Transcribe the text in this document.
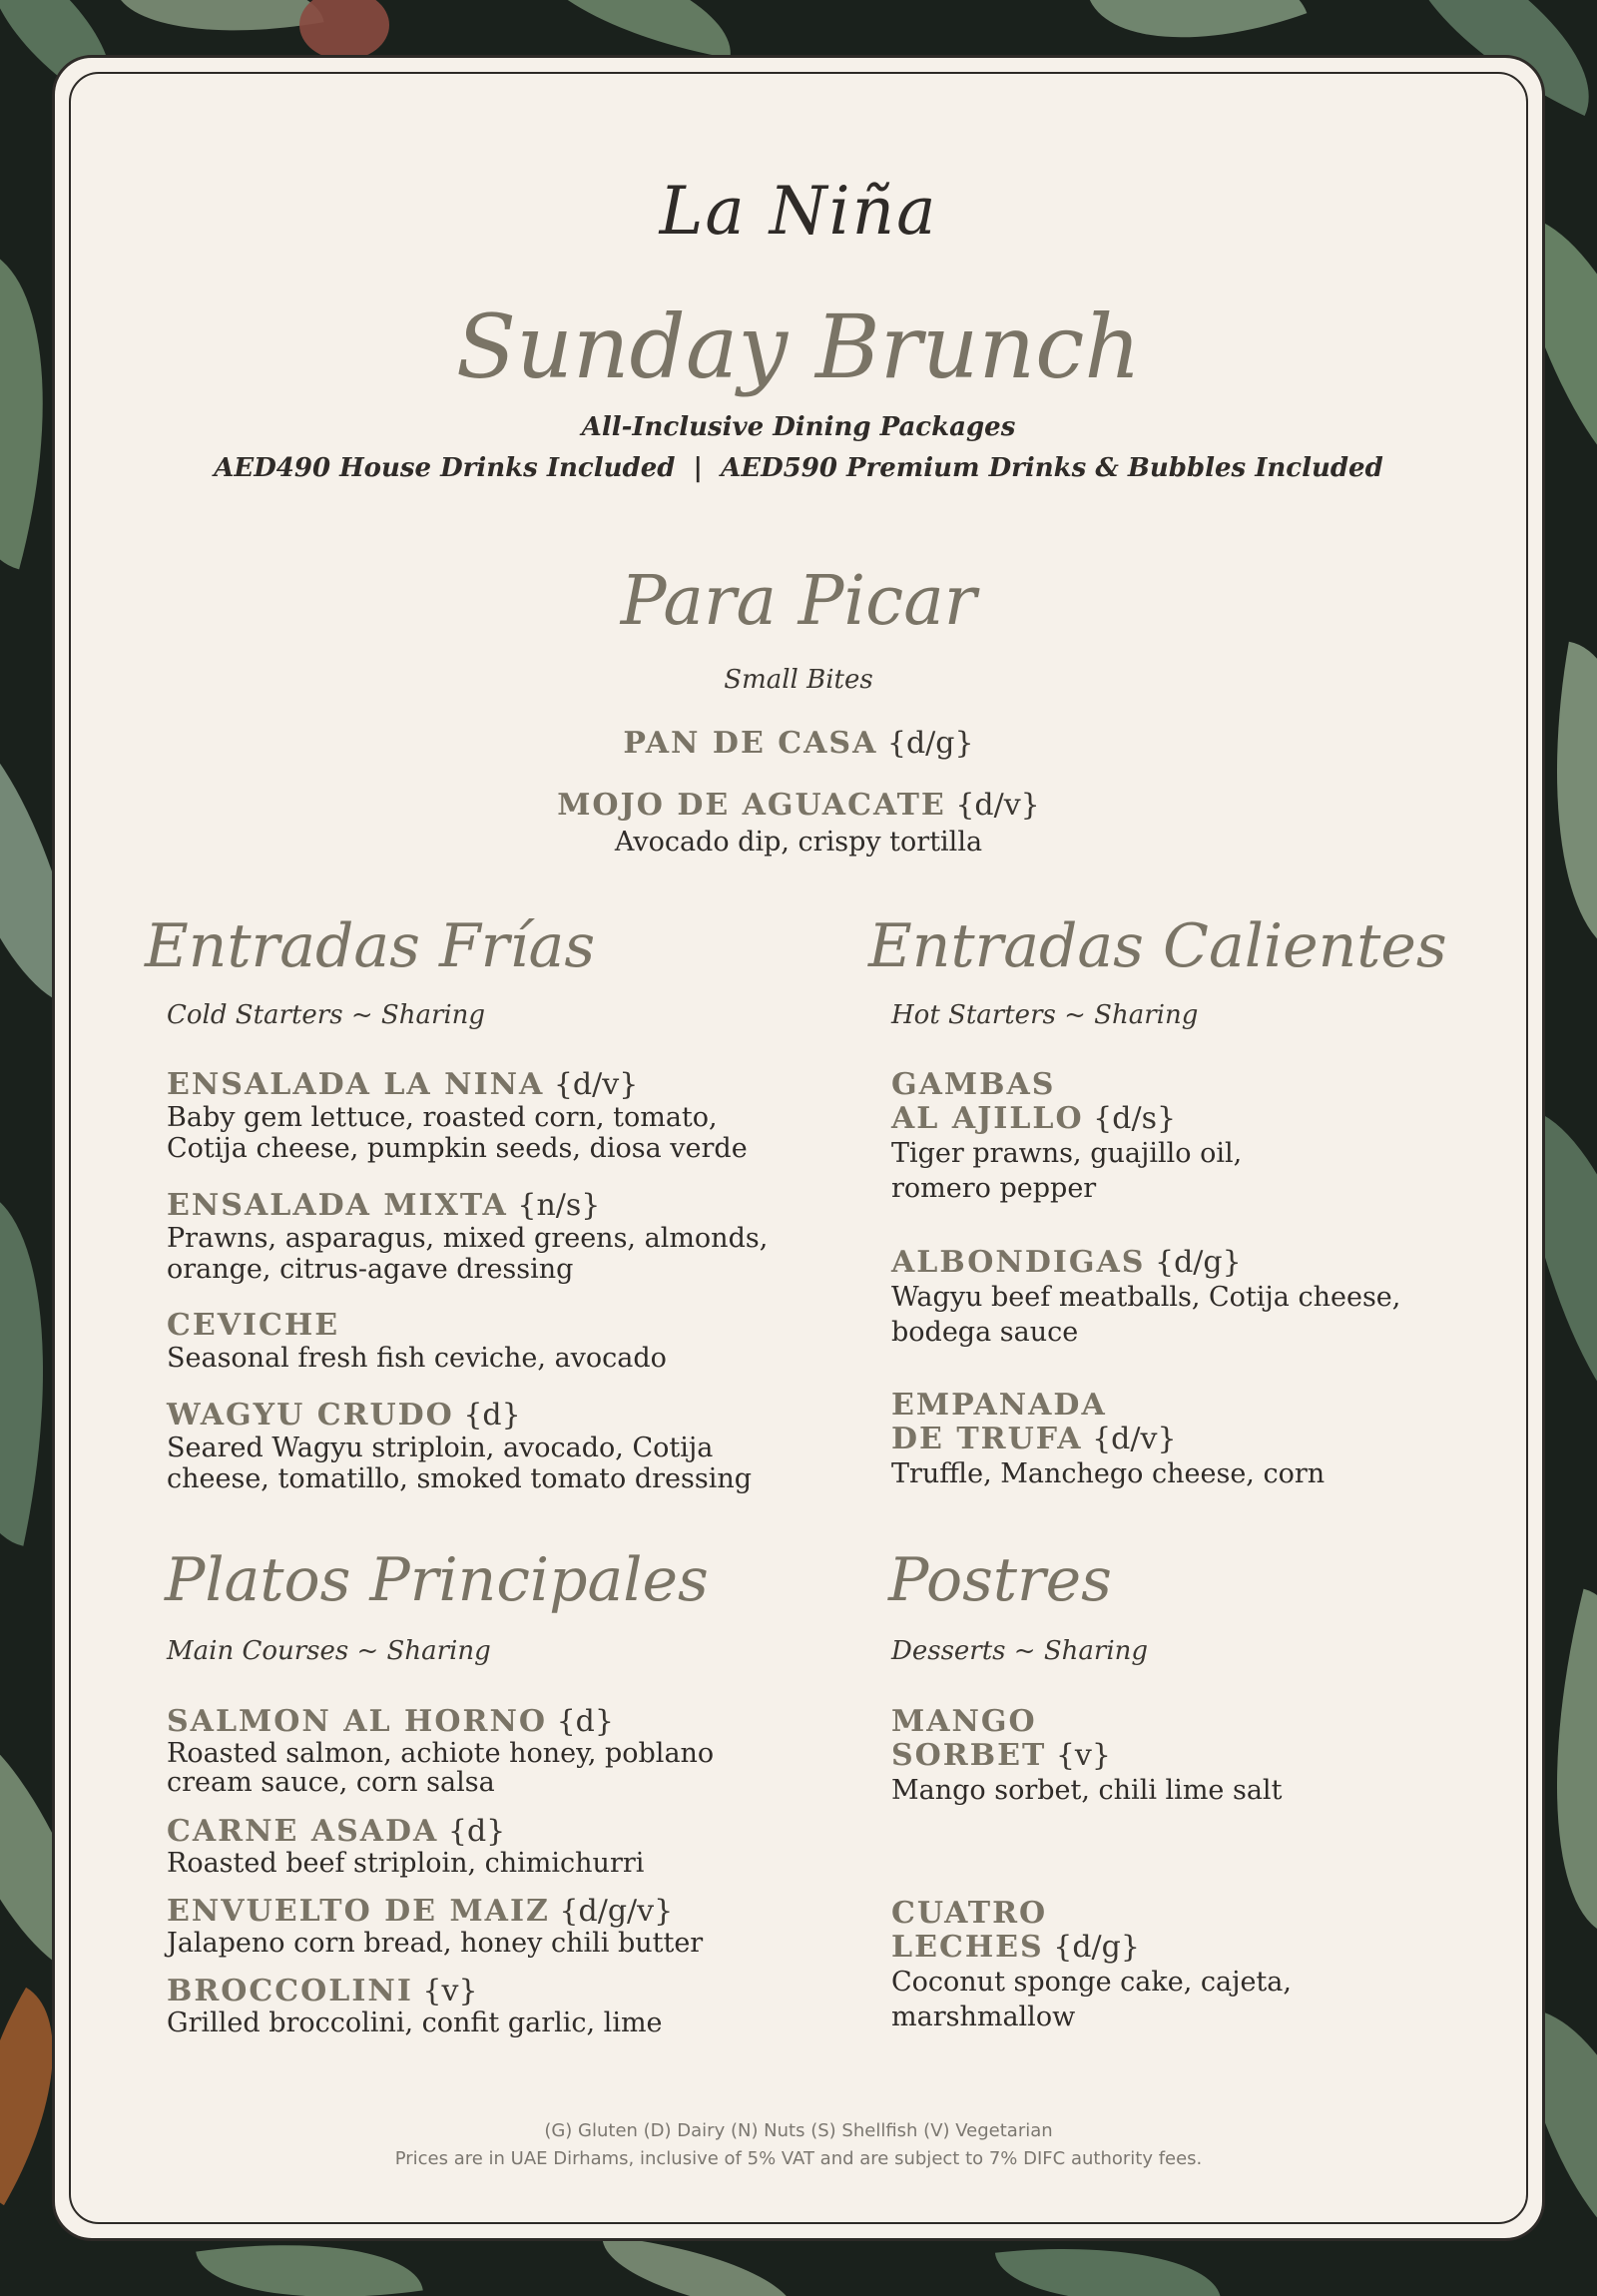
La Niña
Sunday Brunch
All-Inclusive Dining Packages
AED490 House Drinks Included  |  AED590 Premium Drinks & Bubbles Included
Para Picar
Small Bites
PAN DE CASA {d/g}
MOJO DE AGUACATE {d/v}
Avocado dip, crispy tortilla
Entradas Frías
Cold Starters ~ Sharing
ENSALADA LA NINA {d/v}
Baby gem lettuce, roasted corn, tomato,
Cotija cheese, pumpkin seeds, diosa verde
ENSALADA MIXTA {n/s}
Prawns, asparagus, mixed greens, almonds,
orange, citrus-agave dressing
CEVICHE
Seasonal fresh fish ceviche, avocado
WAGYU CRUDO {d}
Seared Wagyu striploin, avocado, Cotija
cheese, tomatillo, smoked tomato dressing
Entradas Calientes
Hot Starters ~ Sharing
GAMBAS
AL AJILLO {d/s}
Tiger prawns, guajillo oil,
romero pepper
ALBONDIGAS {d/g}
Wagyu beef meatballs, Cotija cheese,
bodega sauce
EMPANADA
DE TRUFA {d/v}
Truffle, Manchego cheese, corn
Platos Principales
Main Courses ~ Sharing
SALMON AL HORNO {d}
Roasted salmon, achiote honey, poblano
cream sauce, corn salsa
CARNE ASADA {d}
Roasted beef striploin, chimichurri
ENVUELTO DE MAIZ {d/g/v}
Jalapeno corn bread, honey chili butter
BROCCOLINI {v}
Grilled broccolini, confit garlic, lime
Postres
Desserts ~ Sharing
MANGO
SORBET {v}
Mango sorbet, chili lime salt
CUATRO
LECHES {d/g}
Coconut sponge cake, cajeta,
marshmallow
(G) Gluten (D) Dairy (N) Nuts (S) Shellfish (V) Vegetarian
Prices are in UAE Dirhams, inclusive of 5% VAT and are subject to 7% DIFC authority fees.
